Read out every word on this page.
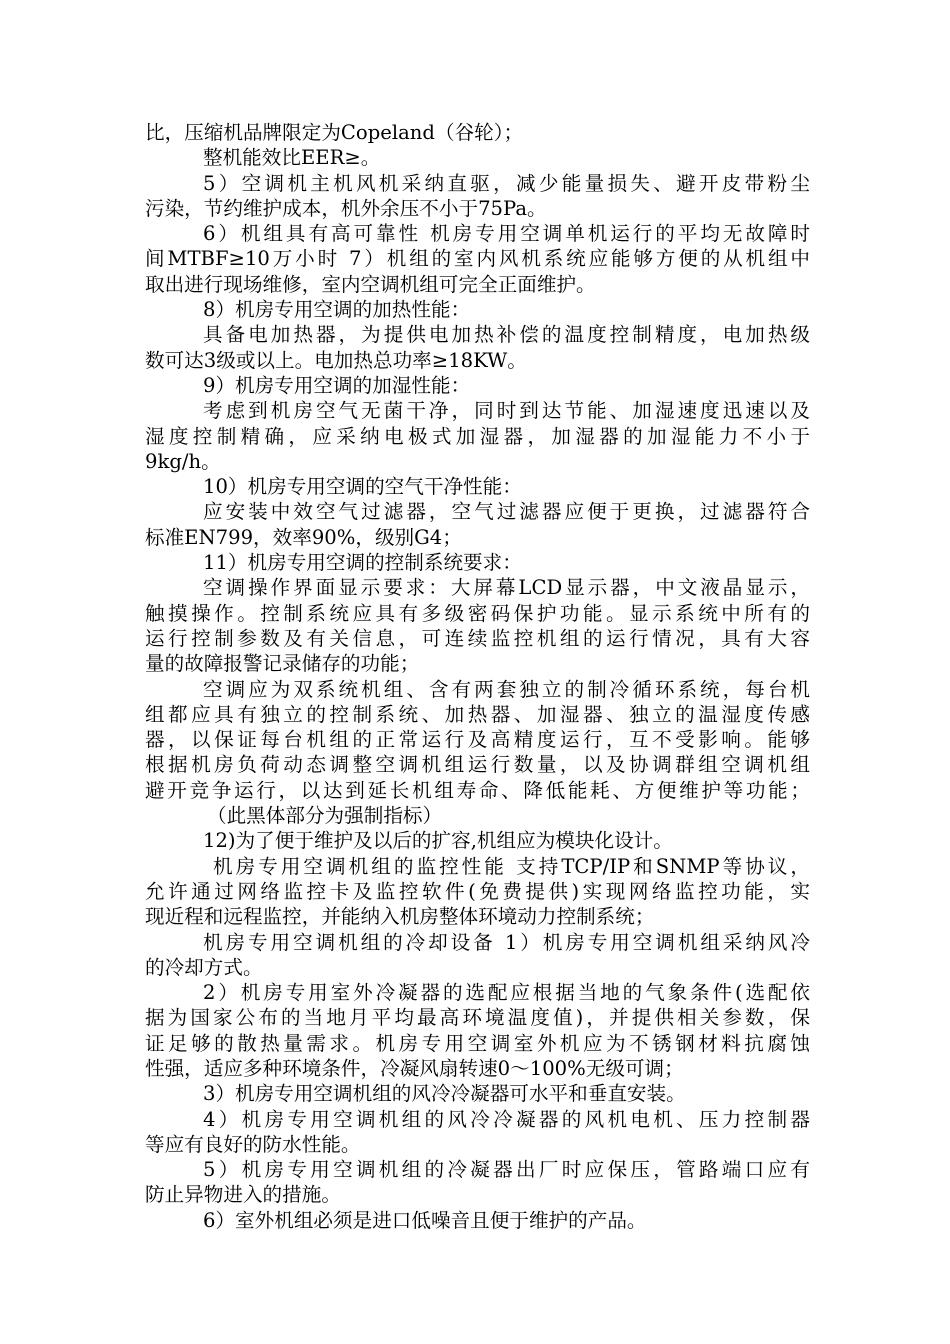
比，压缩机品牌限定为Copeland（谷轮）；
整机能效比EER≥。
5）空调机主机风机采纳直驱，减少能量损失、避开皮带粉尘
污染，节约维护成本，机外余压不小于75Pa。
6）机组具有高可靠性 机房专用空调单机运行的平均无故障时
间MTBF≥10万小时 7）机组的室内风机系统应能够方便的从机组中
取出进行现场维修，室内空调机组可完全正面维护。
8）机房专用空调的加热性能：
具备电加热器，为提供电加热补偿的温度控制精度，电加热级
数可达3级或以上。电加热总功率≥18KW。
9）机房专用空调的加湿性能：
考虑到机房空气无菌干净，同时到达节能、加湿速度迅速以及
湿度控制精确，应采纳电极式加湿器，加湿器的加湿能力不小于
9kg/h。
10）机房专用空调的空气干净性能：
应安装中效空气过滤器，空气过滤器应便于更换，过滤器符合
标准EN799，效率90%，级别G4；
11）机房专用空调的控制系统要求：
空调操作界面显示要求：大屏幕LCD显示器，中文液晶显示，
触摸操作。控制系统应具有多级密码保护功能。显示系统中所有的
运行控制参数及有关信息，可连续监控机组的运行情况，具有大容
量的故障报警记录储存的功能；
空调应为双系统机组、含有两套独立的制冷循环系统，每台机
组都应具有独立的控制系统、加热器、加湿器、独立的温湿度传感
器，以保证每台机组的正常运行及高精度运行，互不受影响。能够
根据机房负荷动态调整空调机组运行数量，以及协调群组空调机组
避开竞争运行，以达到延长机组寿命、降低能耗、方便维护等功能；
（此黑体部分为强制指标）
12)为了便于维护及以后的扩容,机组应为模块化设计。
机房专用空调机组的监控性能 支持TCP/IP和SNMP等协议，
允许通过网络监控卡及监控软件(免费提供)实现网络监控功能，实
现近程和远程监控，并能纳入机房整体环境动力控制系统；
机房专用空调机组的冷却设备 1）机房专用空调机组采纳风冷
的冷却方式。
2）机房专用室外冷凝器的选配应根据当地的气象条件(选配依
据为国家公布的当地月平均最高环境温度值)，并提供相关参数，保
证足够的散热量需求。机房专用空调室外机应为不锈钢材料抗腐蚀
性强，适应多种环境条件，冷凝风扇转速0～100%无级可调；
3）机房专用空调机组的风冷冷凝器可水平和垂直安装。
4）机房专用空调机组的风冷冷凝器的风机电机、压力控制器
等应有良好的防水性能。
5）机房专用空调机组的冷凝器出厂时应保压，管路端口应有
防止异物进入的措施。
6）室外机组必须是进口低噪音且便于维护的产品。
